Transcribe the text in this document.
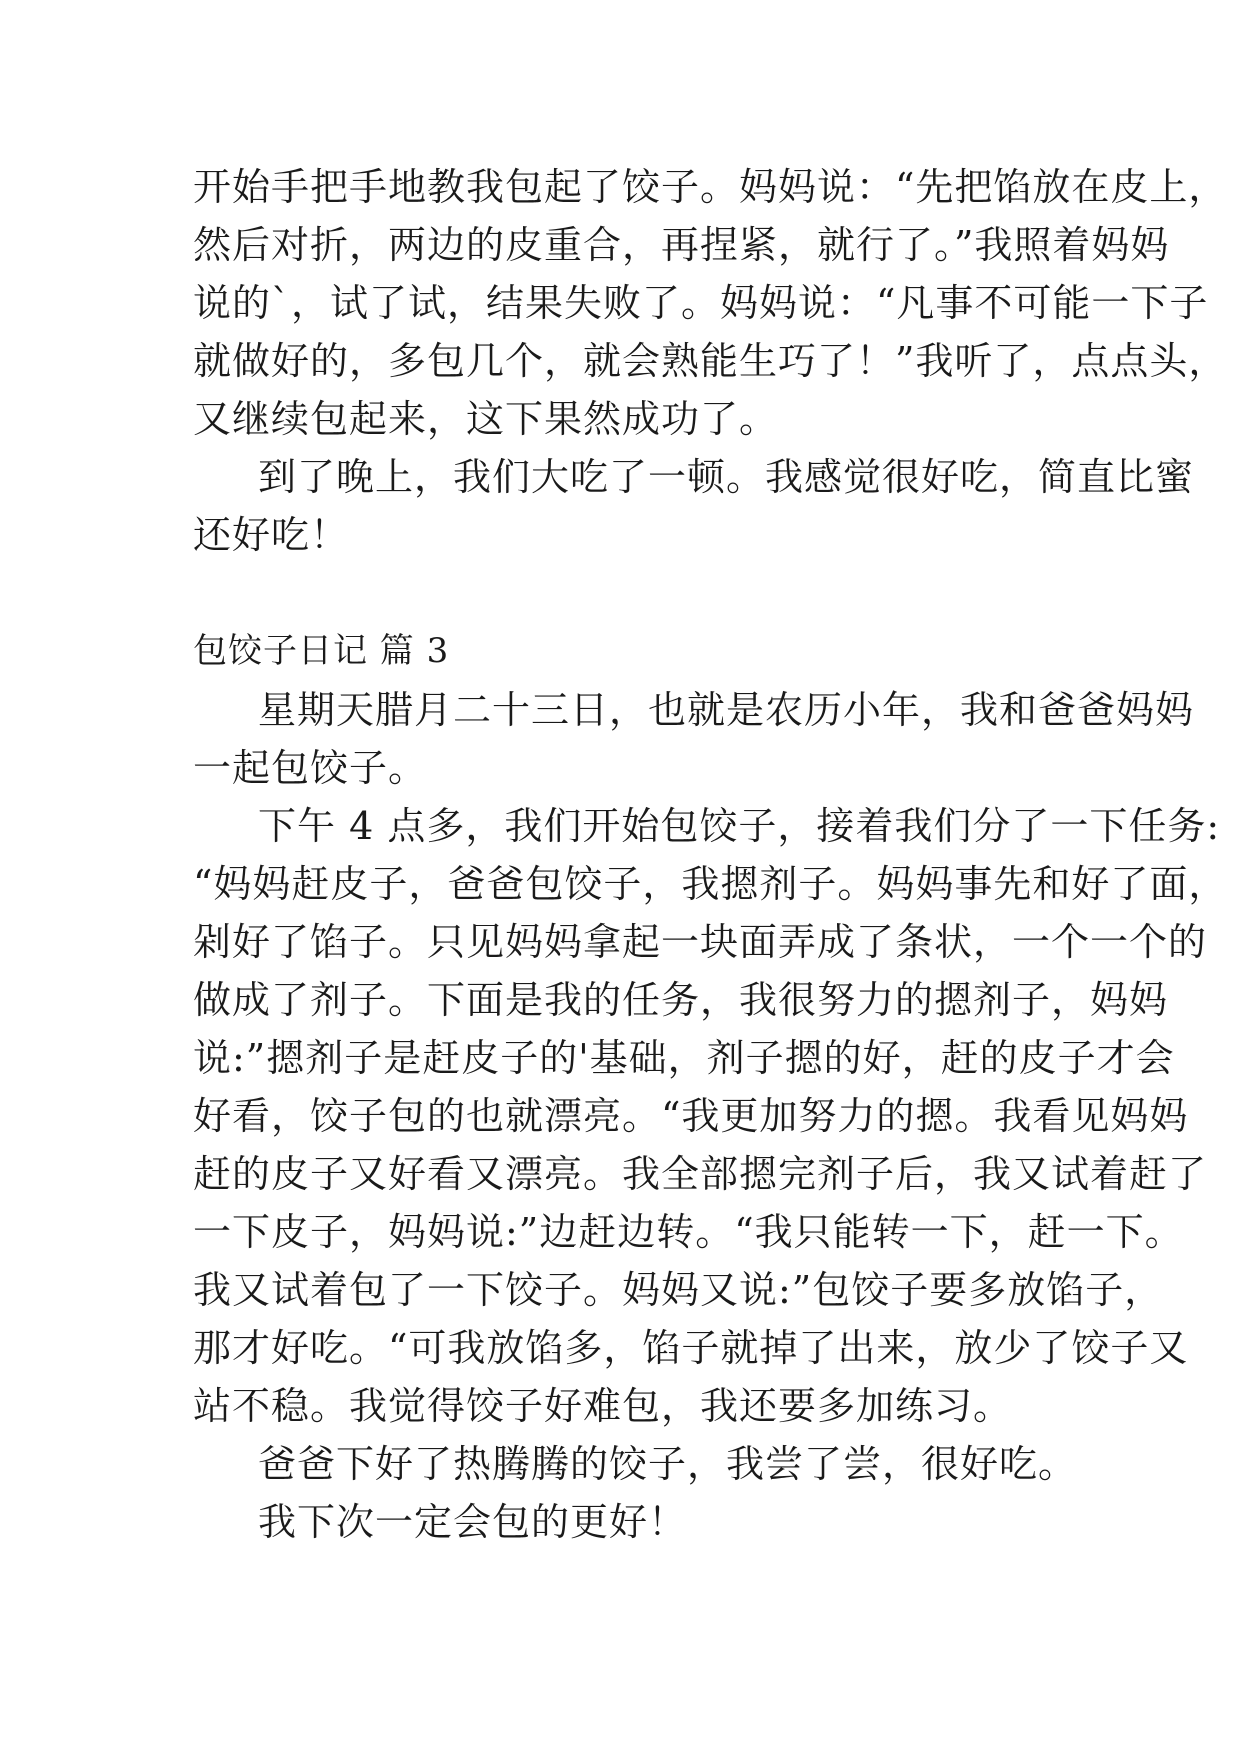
开始手把手地教我包起了饺子。妈妈说：“先把馅放在皮上，
然后对折，两边的皮重合，再捏紧，就行了。”我照着妈妈
说的`，试了试，结果失败了。妈妈说：“凡事不可能一下子
就做好的，多包几个，就会熟能生巧了！”我听了，点点头，
又继续包起来，这下果然成功了。
到了晚上，我们大吃了一顿。我感觉很好吃，简直比蜜
还好吃！
包饺子日记 篇 3
星期天腊月二十三日，也就是农历小年，我和爸爸妈妈
一起包饺子。
下午 4 点多，我们开始包饺子，接着我们分了一下任务:
“妈妈赶皮子，爸爸包饺子，我摁剂子。妈妈事先和好了面，
剁好了馅子。只见妈妈拿起一块面弄成了条状，一个一个的
做成了剂子。下面是我的任务，我很努力的摁剂子，妈妈
说:”摁剂子是赶皮子的'基础，剂子摁的好，赶的皮子才会
好看，饺子包的也就漂亮。“我更加努力的摁。我看见妈妈
赶的皮子又好看又漂亮。我全部摁完剂子后，我又试着赶了
一下皮子，妈妈说:”边赶边转。“我只能转一下，赶一下。
我又试着包了一下饺子。妈妈又说:”包饺子要多放馅子，
那才好吃。“可我放馅多，馅子就掉了出来，放少了饺子又
站不稳。我觉得饺子好难包，我还要多加练习。
爸爸下好了热腾腾的饺子，我尝了尝，很好吃。
我下次一定会包的更好！
